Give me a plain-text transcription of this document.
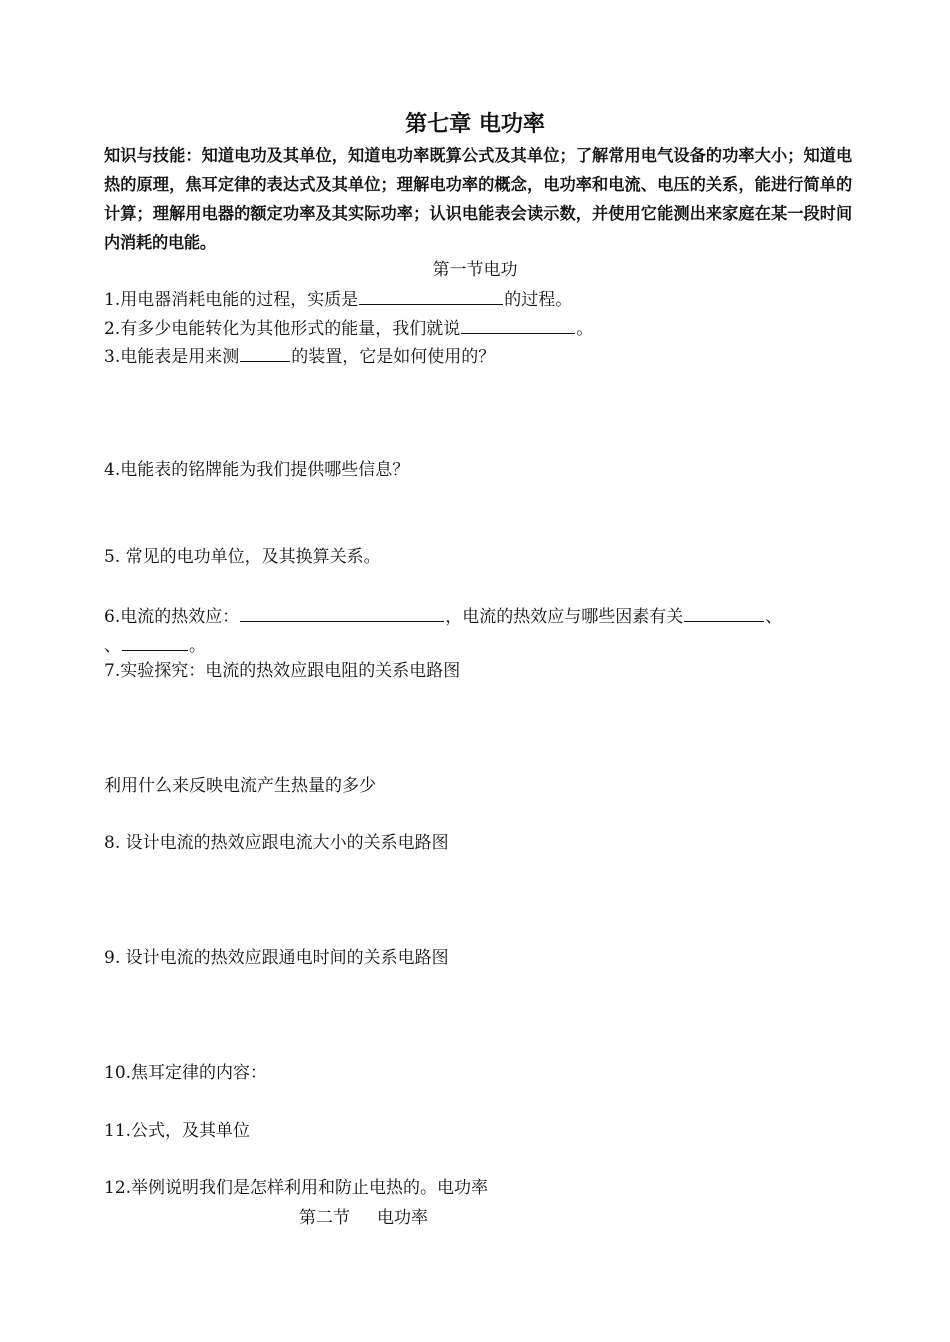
第七章 电功率
知识与技能：知道电功及其单位，知道电功率既算公式及其单位；了解常用电气设备的功率大小；知道电热的原理，焦耳定律的表达式及其单位；理解电功率的概念，电功率和电流、电压的关系，能进行简单的计算；理解用电器的额定功率及其实际功率；认识电能表会读示数，并使用它能测出来家庭在某一段时间内消耗的电能。
第一节电功
1.用电器消耗电能的过程，实质是	的过程。
2.有多少电能转化为其他形式的能量，我们就说	。
3.电能表是用来测	的装置，它是如何使用的？
4.电能表的铭牌能为我们提供哪些信息？
5. 常见的电功单位，及其换算关系。
6.电流的热效应：	，电流的热效应与哪些因素有关	、
、	。
7.实验探究：电流的热效应跟电阻的关系电路图
利用什么来反映电流产生热量的多少
8. 设计电流的热效应跟电流大小的关系电路图
9. 设计电流的热效应跟通电时间的关系电路图
10.焦耳定律的内容：
11.公式，及其单位
12.举例说明我们是怎样利用和防止电热的。电功率
第二节     电功率
